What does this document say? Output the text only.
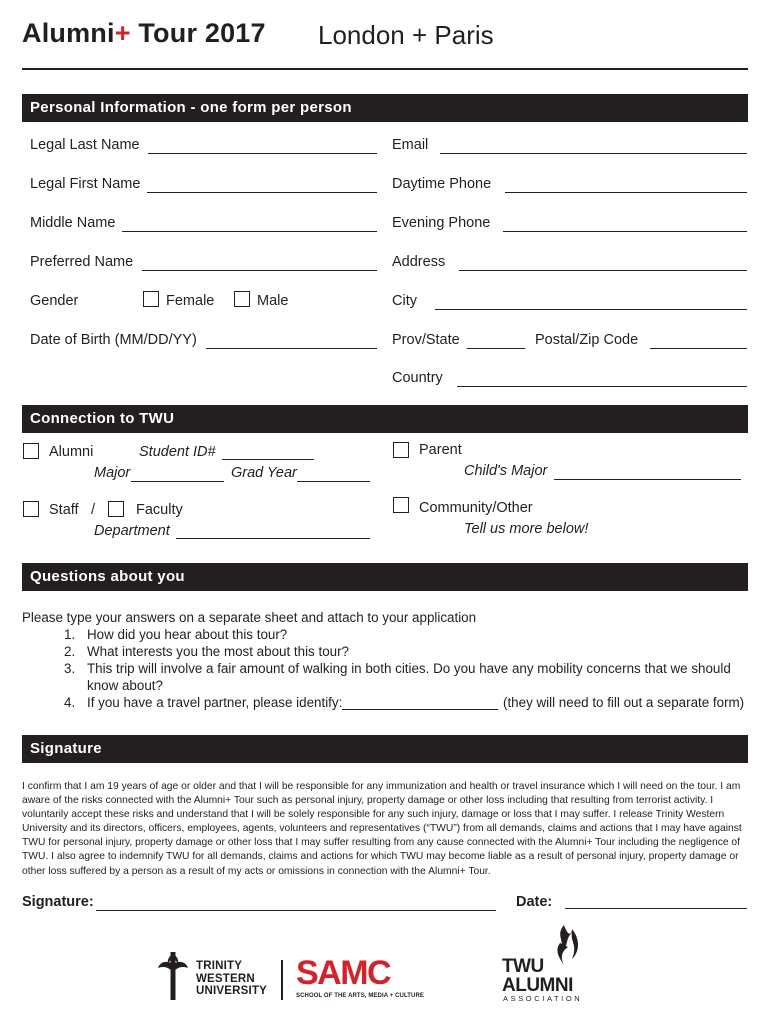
Alumni+ Tour 2017 London + Paris
Personal Information - one form per person
Legal Last Name
Legal First Name
Middle Name
Preferred Name
Gender	Female	Male
Date of Birth (MM/DD/YY)
Email
Daytime Phone
Evening Phone
Address
City
Prov/State	Postal/Zip Code
Country
Connection to TWU
Alumni	Student ID#
Major	Grad Year
Staff /	Faculty
Department
Parent
Child's Major
Community/Other
Tell us more below!
Questions about you
Please type your answers on a separate sheet and attach to your application
1. How did you hear about this tour?
2. What interests you the most about this tour?
3. This trip will involve a fair amount of walking in both cities. Do you have any mobility concerns that we should
know about?
4. If you have a travel partner, please identify:	(they will need to fill out a separate form)
Signature
I confirm that I am 19 years of age or older and that I will be responsible for any immunization and health or travel insurance which I will need on the tour. I am aware of the risks connected with the Alumni+ Tour such as personal injury, property damage or other loss including that resulting from terrorist activity. I voluntarily accept these risks and understand that I will be solely responsible for any such injury, damage or loss that I may suffer. I release Trinity Western University and its directors, officers, employees, agents, volunteers and representatives (“TWU”) from all demands, claims and actions that I may have against TWU for personal injury, property damage or other loss that I may suffer resulting from any cause connected with the Alumni+ Tour including the negligence of TWU. I also agree to indemnify TWU for all demands, claims and actions for which TWU may become liable as a result of personal injury, property damage or other loss suffered by a person as a result of my acts or omissions in connection with the Alumni+ Tour.
Signature:	Date:
TRINITY
WESTERN
UNIVERSITY SAMC
SCHOOL OF THE ARTS, MEDIA + CULTURE
TWU
ALUMNI
ASSOCIATION
